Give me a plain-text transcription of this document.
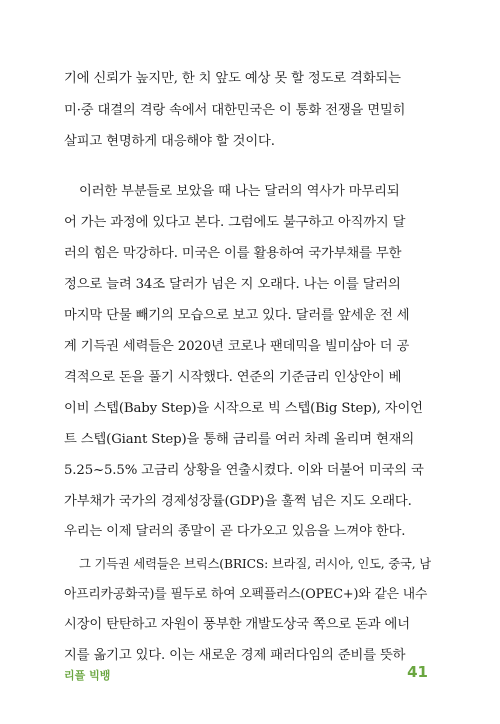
기에 신뢰가 높지만, 한 치 앞도 예상 못 할 정도로 격화되는
미·중 대결의 격랑 속에서 대한민국은 이 통화 전쟁을 면밀히
살피고 현명하게 대응해야 할 것이다.
이러한 부분들로 보았을 때 나는 달러의 역사가 마무리되
어 가는 과정에 있다고 본다. 그럼에도 불구하고 아직까지 달
러의 힘은 막강하다. 미국은 이를 활용하여 국가부채를 무한
정으로 늘려 34조 달러가 넘은 지 오래다. 나는 이를 달러의
마지막 단물 빼기의 모습으로 보고 있다. 달러를 앞세운 전 세
계 기득권 세력들은 2020년 코로나 팬데믹을 빌미삼아 더 공
격적으로 돈을 풀기 시작했다. 연준의 기준금리 인상안이 베
이비 스텝(Baby Step)을 시작으로 빅 스텝(Big Step), 자이언
트 스텝(Giant Step)을 통해 금리를 여러 차례 올리며 현재의
5.25~5.5% 고금리 상황을 연출시켰다. 이와 더불어 미국의 국
가부채가 국가의 경제성장률(GDP)을 훌쩍 넘은 지도 오래다.
우리는 이제 달러의 종말이 곧 다가오고 있음을 느껴야 한다.
그 기득권 세력들은 브릭스(BRICS: 브라질, 러시아, 인도, 중국, 남
아프리카공화국)를 필두로 하여 오펙플러스(OPEC+)와 같은 내수
시장이 탄탄하고 자원이 풍부한 개발도상국 쪽으로 돈과 에너
지를 옮기고 있다. 이는 새로운 경제 패러다임의 준비를 뜻하
리플 빅뱅	41
